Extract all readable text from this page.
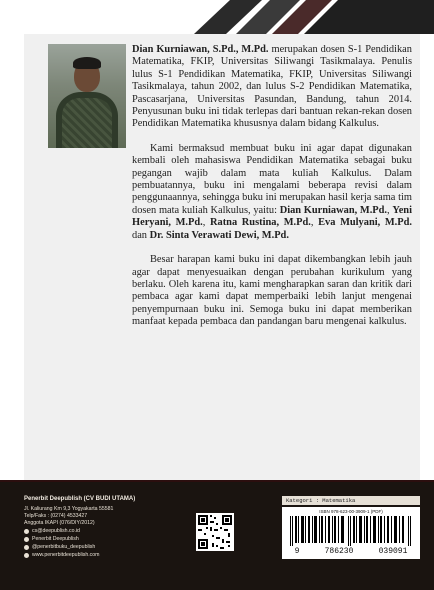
Dian Kurniawan, S.Pd., M.Pd. merupakan dosen S-1 Pendidikan Matematika, FKIP, Universitas Siliwangi Tasikmalaya. Penulis lulus S-1 Pendidikan Matematika, FKIP, Universitas Siliwangi Tasikmalaya, tahun 2002, dan lulus S-2 Pendidikan Matematika, Pascasarjana, Universitas Pasundan, Bandung, tahun 2014. Penyusunan buku ini tidak terlepas dari bantuan rekan-rekan dosen Pendidikan Matematika khususnya dalam bidang Kalkulus.

Kami bermaksud membuat buku ini agar dapat digunakan kembali oleh mahasiswa Pendidikan Matematika sebagai buku pegangan wajib dalam mata kuliah Kalkulus. Dalam pembuatannya, buku ini mengalami beberapa revisi dalam penggunaannya, sehingga buku ini merupakan hasil kerja sama tim dosen mata kuliah Kalkulus, yaitu: Dian Kurniawan, M.Pd., Yeni Heryani, M.Pd., Ratna Rustina, M.Pd., Eva Mulyani, M.Pd. dan Dr. Sinta Verawati Dewi, M.Pd.

Besar harapan kami buku ini dapat dikembangkan lebih jauh agar dapat menyesuaikan dengan perubahan kurikulum yang berlaku. Oleh karena itu, kami mengharapkan saran dan kritik dari pembaca agar kami dapat memperbaiki lebih lanjut mengenai penyempurnaan buku ini. Semoga buku ini dapat memberikan manfaat kepada pembaca dan pandangan baru mengenai kalkulus.

Penerbit Deepublish (CV BUDI UTAMA)
Jl. Kaliurang Km 9,3 Yogyakarta 55581
Telp/Faks : (0274) 4533427
Anggota IKAPI (076/DIY/2012)
cs@deepublish.co.id
Penerbit Deepublish
@penerbitbuku_deepublish
www.penerbitdeepublish.com
Kategori : Matematika
ISBN 978-623-00-3909-1 (PDF)
9	786230	039091
